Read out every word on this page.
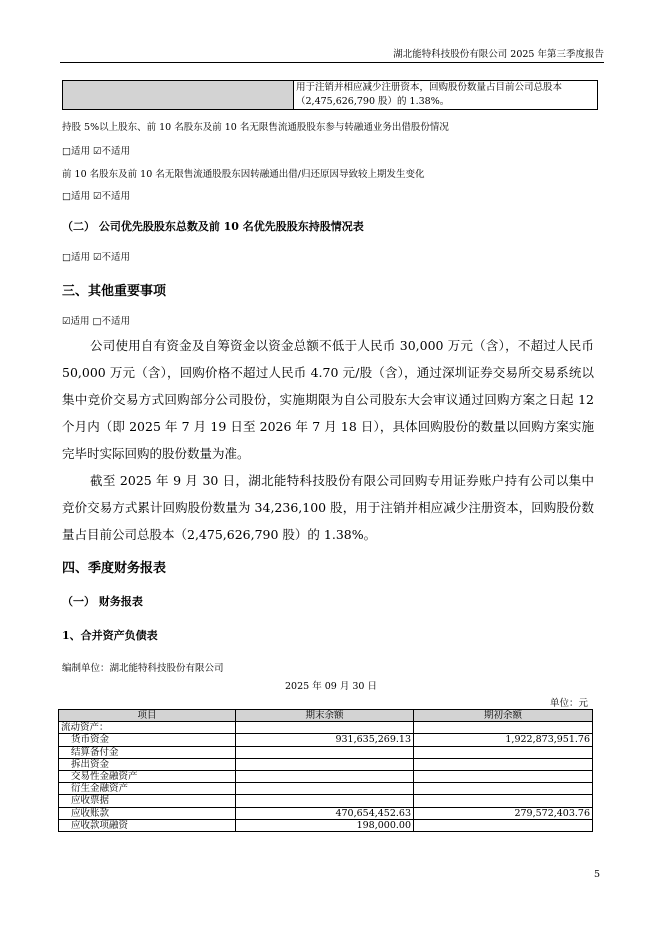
湖北能特科技股份有限公司 2025 年第三季度报告
	用于注销并相应减少注册资本，回购股份数量占目前公司总股本（2,475,626,790 股）的 1.38%。
持股 5%以上股东、前 10 名股东及前 10 名无限售流通股股东参与转融通业务出借股份情况
□适用 ☑不适用
前 10 名股东及前 10 名无限售流通股股东因转融通出借/归还原因导致较上期发生变化
□适用 ☑不适用
（二） 公司优先股股东总数及前 10 名优先股股东持股情况表
□适用 ☑不适用
三、其他重要事项
☑适用 □不适用

公司使用自有资金及自筹资金以资金总额不低于人民币 30,000 万元（含），不超过人民币 50,000 万元（含），回购价格不超过人民币 4.70 元/股（含），通过深圳证券交易所交易系统以集中竞价交易方式回购部分公司股份，实施期限为自公司股东大会审议通过回购方案之日起 12 个月内（即 2025 年 7 月 19 日至 2026 年 7 月 18 日），具体回购股份的数量以回购方案实施完毕时实际回购的股份数量为准。

截至 2025 年 9 月 30 日，湖北能特科技股份有限公司回购专用证券账户持有公司以集中竞价交易方式累计回购股份数量为 34,236,100 股，用于注销并相应减少注册资本，回购股份数量占目前公司总股本（2,475,626,790 股）的 1.38%。

四、季度财务报表
（一） 财务报表
1、合并资产负债表
编制单位：湖北能特科技股份有限公司
2025 年 09 月 30 日
单位：元
项目	期末余额	期初余额
流动资产：		
货币资金	931,635,269.13	1,922,873,951.76
结算备付金		
拆出资金		
交易性金融资产		
衍生金融资产		
应收票据		
应收账款	470,654,452.63	279,572,403.76
应收款项融资	198,000.00	
5
